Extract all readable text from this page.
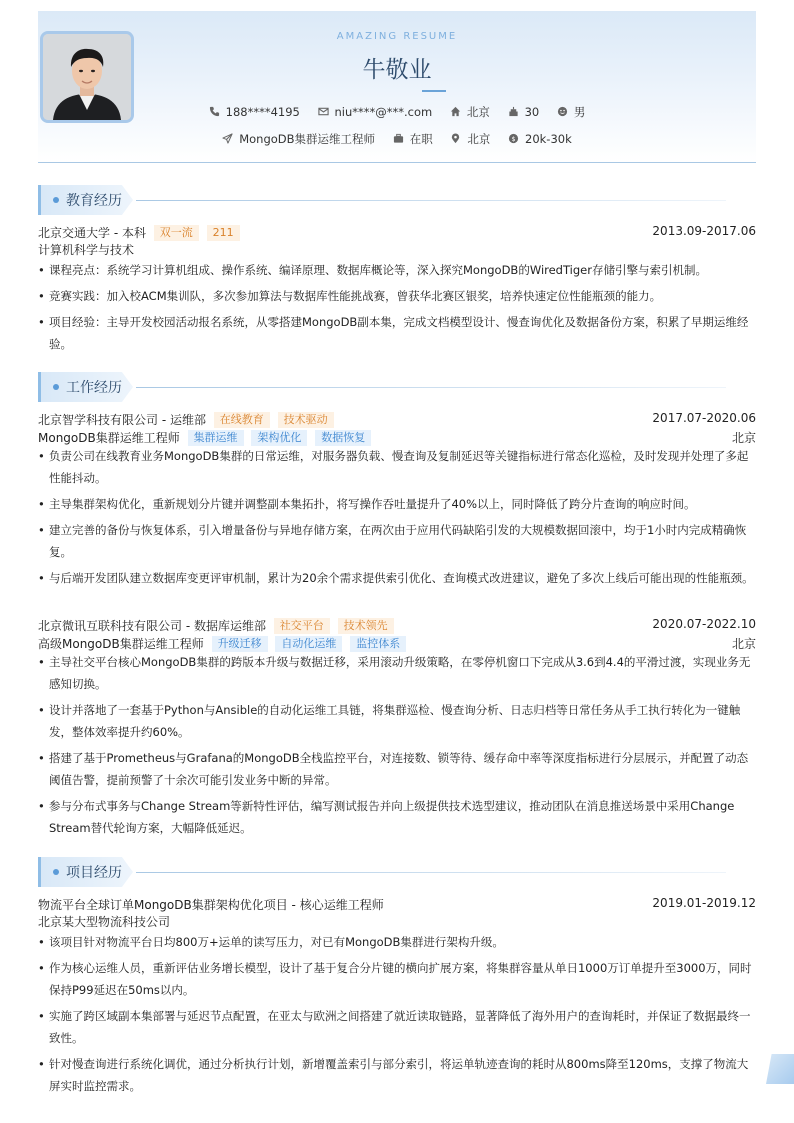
AMAZING RESUME
牛敬业
188****4195	niu****@***.com	北京	30	男
MongoDB集群运维工程师	在职	北京	$ 20k-30k
教育经历
北京交通大学 - 本科 双一流 211	2013.09-2017.06
计算机科学与技术
• 课程亮点：系统学习计算机组成、操作系统、编译原理、数据库概论等，深入探究MongoDB的WiredTiger存储引擎与索引机制。
• 竞赛实践：加入校ACM集训队，多次参加算法与数据库性能挑战赛，曾获华北赛区银奖，培养快速定位性能瓶颈的能力。
• 项目经验：主导开发校园活动报名系统，从零搭建MongoDB副本集，完成文档模型设计、慢查询优化及数据备份方案，积累了早期运维经验。
工作经历
北京智学科技有限公司 - 运维部 在线教育 技术驱动	2017.07-2020.06
MongoDB集群运维工程师 集群运维 架构优化 数据恢复	北京
• 负责公司在线教育业务MongoDB集群的日常运维，对服务器负载、慢查询及复制延迟等关键指标进行常态化巡检，及时发现并处理了多起性能抖动。
• 主导集群架构优化，重新规划分片键并调整副本集拓扑，将写操作吞吐量提升了40%以上，同时降低了跨分片查询的响应时间。
• 建立完善的备份与恢复体系，引入增量备份与异地存储方案，在两次由于应用代码缺陷引发的大规模数据回滚中，均于1小时内完成精确恢复。
• 与后端开发团队建立数据库变更评审机制，累计为20余个需求提供索引优化、查询模式改进建议，避免了多次上线后可能出现的性能瓶颈。
北京微讯互联科技有限公司 - 数据库运维部 社交平台 技术领先	2020.07-2022.10
高级MongoDB集群运维工程师 升级迁移 自动化运维 监控体系	北京
• 主导社交平台核心MongoDB集群的跨版本升级与数据迁移，采用滚动升级策略，在零停机窗口下完成从3.6到4.4的平滑过渡，实现业务无感知切换。
• 设计并落地了一套基于Python与Ansible的自动化运维工具链，将集群巡检、慢查询分析、日志归档等日常任务从手工执行转化为一键触发，整体效率提升约60%。
• 搭建了基于Prometheus与Grafana的MongoDB全栈监控平台，对连接数、锁等待、缓存命中率等深度指标进行分层展示，并配置了动态阈值告警，提前预警了十余次可能引发业务中断的异常。
• 参与分布式事务与Change Stream等新特性评估，编写测试报告并向上级提供技术选型建议，推动团队在消息推送场景中采用Change Stream替代轮询方案，大幅降低延迟。
项目经历
物流平台全球订单MongoDB集群架构优化项目 - 核心运维工程师	2019.01-2019.12
北京某大型物流科技公司
• 该项目针对物流平台日均800万+运单的读写压力，对已有MongoDB集群进行架构升级。
• 作为核心运维人员，重新评估业务增长模型，设计了基于复合分片键的横向扩展方案，将集群容量从单日1000万订单提升至3000万，同时保持P99延迟在50ms以内。
• 实施了跨区域副本集部署与延迟节点配置，在亚太与欧洲之间搭建了就近读取链路，显著降低了海外用户的查询耗时，并保证了数据最终一致性。
• 针对慢查询进行系统化调优，通过分析执行计划，新增覆盖索引与部分索引，将运单轨迹查询的耗时从800ms降至120ms，支撑了物流大屏实时监控需求。
